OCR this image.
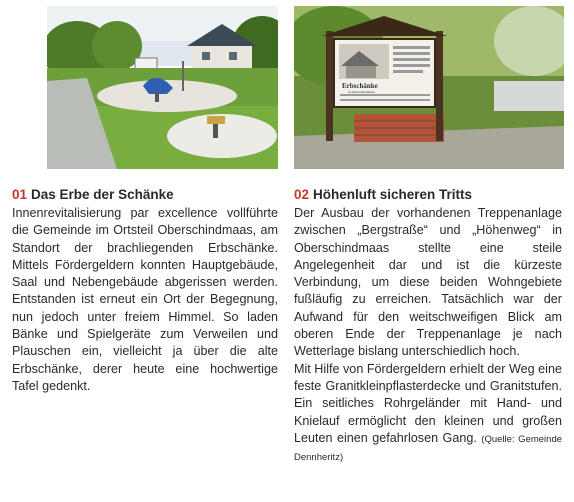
Erbschänke
in Oberschindmaas
01 Das Erbe der Schänke

Innenrevitalisierung par excellence vollführte die Gemeinde im Ortsteil Oberschindmaas, am Standort der brachliegenden Erbschänke. Mittels Fördergeldern konnten Hauptgebäude, Saal und Nebengebäude abgerissen werden. Entstanden ist erneut ein Ort der Begegnung, nun jedoch unter freiem Himmel. So laden Bänke und Spielgeräte zum Verweilen und Plauschen ein, vielleicht ja über die alte Erbschänke, derer heute eine hochwertige Tafel gedenkt.

02 Höhenluft sicheren Tritts

Der Ausbau der vorhandenen Treppenanlage zwischen „Bergstraße“ und „Höhenweg“ in Oberschindmaas stellte eine steile Angelegenheit dar und ist die kürzeste Verbindung, um diese beiden Wohngebiete fußläufig zu erreichen. Tatsächlich war der Aufwand für den weitschweifigen Blick am oberen Ende der Treppenanlage je nach Wetterlage bislang unterschiedlich hoch.

Mit Hilfe von Fördergeldern erhielt der Weg eine feste Granitkleinpflasterdecke und Granitstufen. Ein seitliches Rohrgeländer mit Hand- und Knielauf ermöglicht den kleinen und großen Leuten einen gefahrlosen Gang. (Quelle: Gemeinde Dennheritz)
